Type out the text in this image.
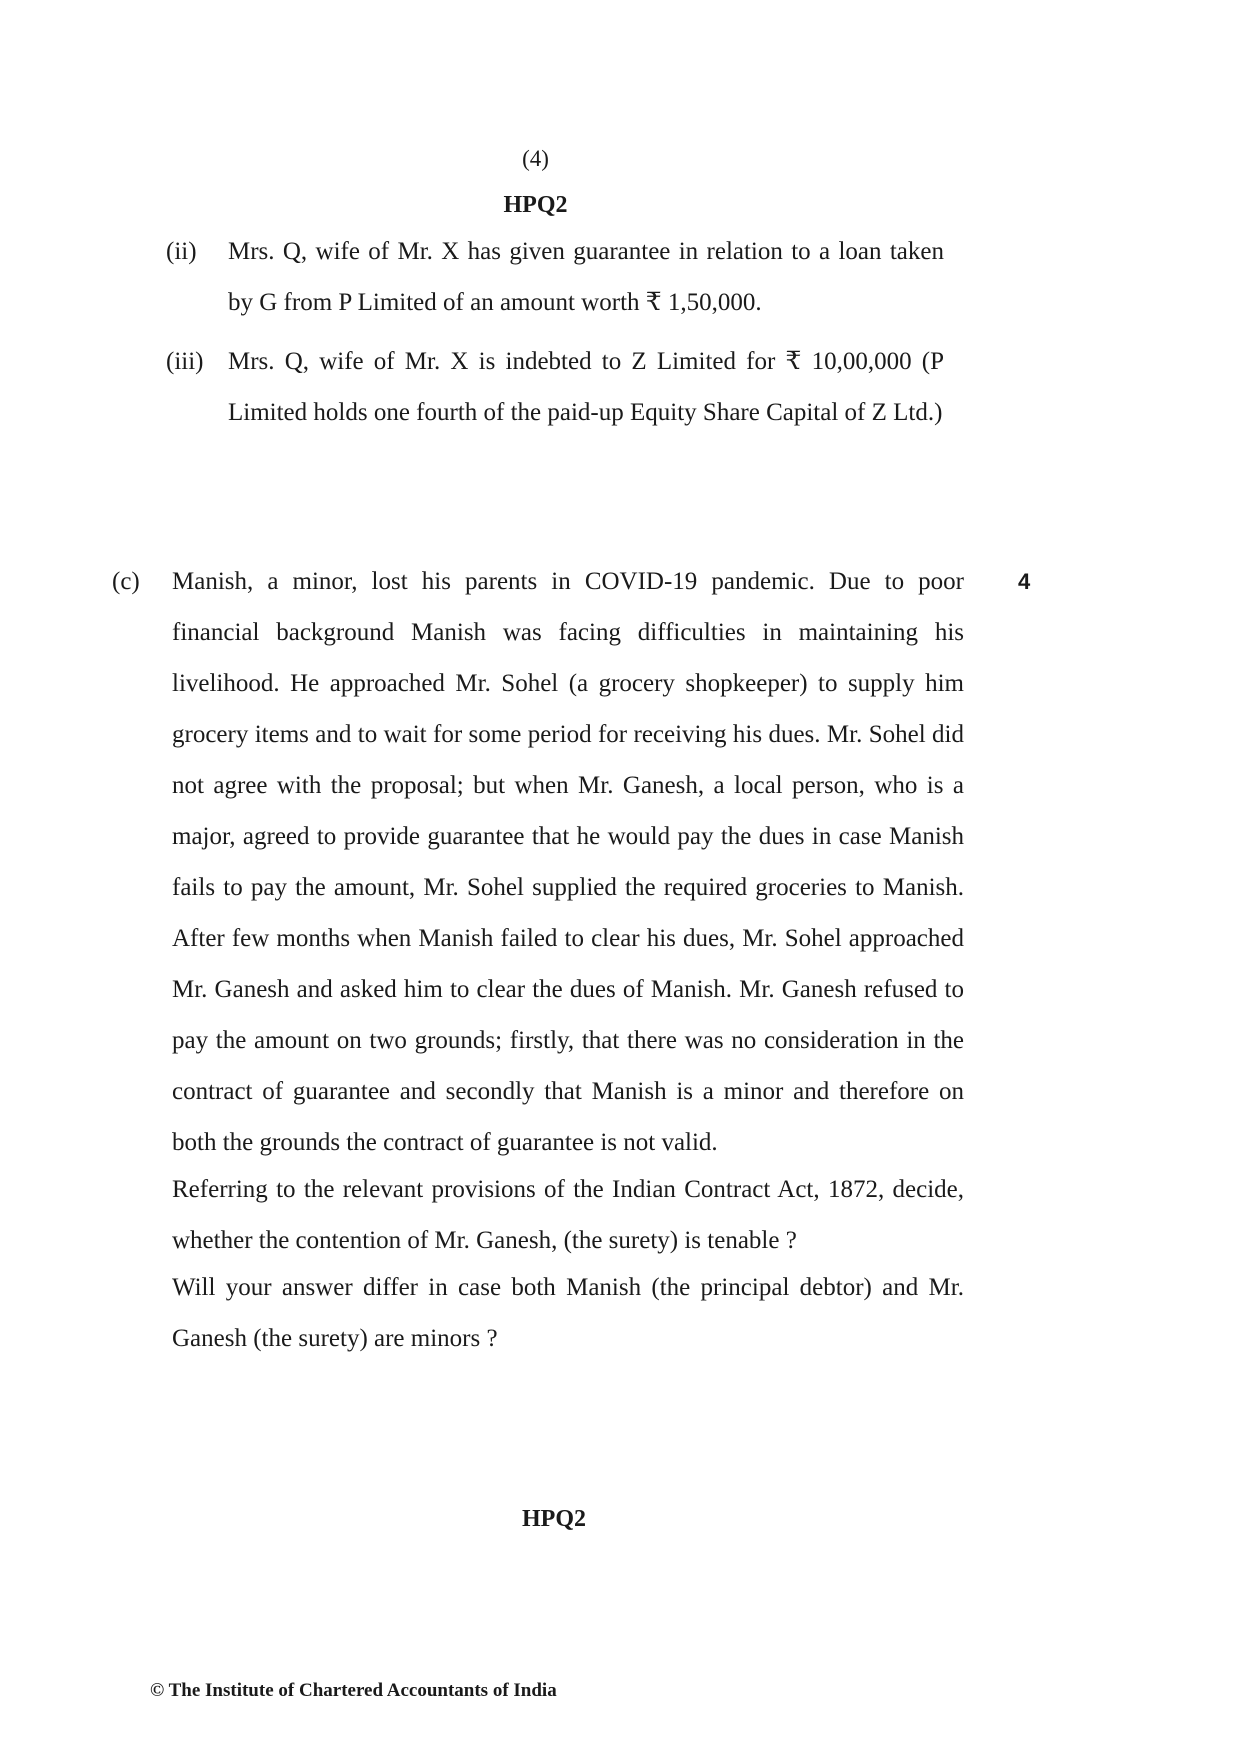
(4)
HPQ2
(ii) Mrs. Q, wife of Mr. X has given guarantee in relation to a loan taken by G from P Limited of an amount worth ₹ 1,50,000.

(iii) Mrs. Q, wife of Mr. X is indebted to Z Limited for ₹ 10,00,000 (P Limited holds one fourth of the paid-up Equity Share Capital of Z Ltd.)

(c) Manish, a minor, lost his parents in COVID-19 pandemic. Due to poor financial background Manish was facing difficulties in maintaining his livelihood. He approached Mr. Sohel (a grocery shopkeeper) to supply him grocery items and to wait for some period for receiving his dues. Mr. Sohel did not agree with the proposal; but when Mr. Ganesh, a local person, who is a major, agreed to provide guarantee that he would pay the dues in case Manish fails to pay the amount, Mr. Sohel supplied the required groceries to Manish. After few months when Manish failed to clear his dues, Mr. Sohel approached Mr. Ganesh and asked him to clear the dues of Manish. Mr. Ganesh refused to pay the amount on two grounds; firstly, that there was no consideration in the contract of guarantee and secondly that Manish is a minor and therefore on both the grounds the contract of guarantee is not valid.

Referring to the relevant provisions of the Indian Contract Act, 1872, decide, whether the contention of Mr. Ganesh, (the surety) is tenable ?

Will your answer differ in case both Manish (the principal debtor) and Mr. Ganesh (the surety) are minors ?

4
HPQ2
© The Institute of Chartered Accountants of India
